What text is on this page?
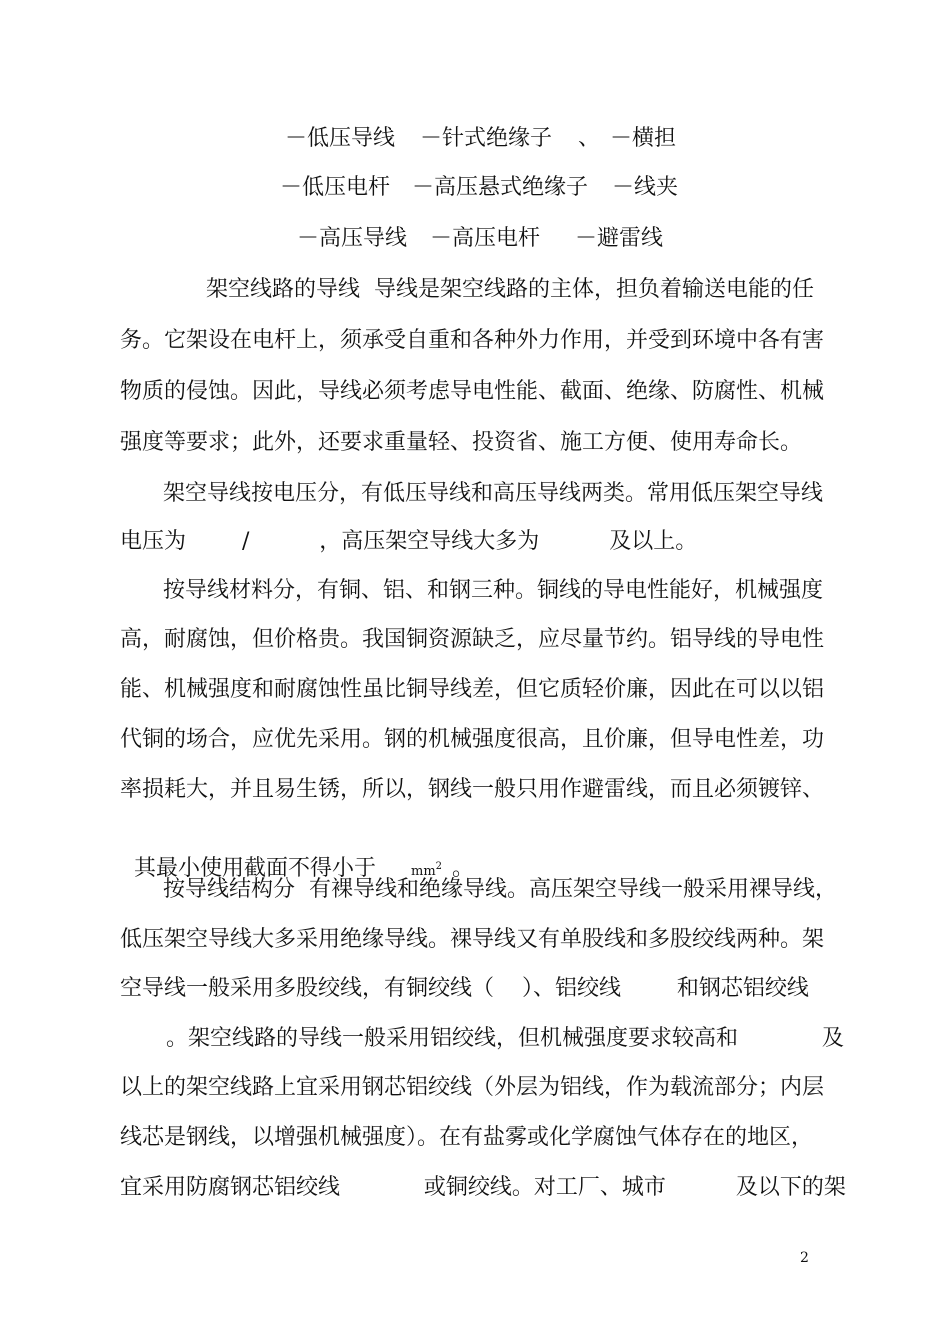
－低压导线 －针式绝缘子 、 －横担
－低压电杆 －高压悬式绝缘子 －线夹
－高压导线 －高压电杆 －避雷线
架空线路的导线  导线是架空线路的主体，担负着输送电能的任
务。它架设在电杆上，须承受自重和各种外力作用，并受到环境中各有害
物质的侵蚀。因此，导线必须考虑导电性能、截面、绝缘、防腐性、机械
强度等要求；此外，还要求重量轻、投资省、施工方便、使用寿命长。
架空导线按电压分，有低压导线和高压导线两类。常用低压架空导线
电压为        /          ，高压架空导线大多为          及以上。
按导线材料分，有铜、铝、和钢三种。铜线的导电性能好，机械强度
高，耐腐蚀，但价格贵。我国铜资源缺乏，应尽量节约。铝导线的导电性
能、机械强度和耐腐蚀性虽比铜导线差，但它质轻价廉，因此在可以以铝
代铜的场合，应优先采用。钢的机械强度很高，且价廉，但导电性差，功
率损耗大，并且易生锈，所以，钢线一般只用作避雷线，而且必须镀锌、

其最小使用截面不得小于	$mm^2$ 。

按导线结构分  有裸导线和绝缘导线。高压架空导线一般采用裸导线，
低压架空导线大多采用绝缘导线。裸导线又有单股线和多股绞线两种。架
空导线一般采用多股绞线，有铜绞线（    ）、铝绞线        和钢芯铝绞线
。架空线路的导线一般采用铝绞线，但机械强度要求较高和            及
以上的架空线路上宜采用钢芯铝绞线（外层为铝线，作为载流部分；内层
线芯是钢线，以增强机械强度）。在有盐雾或化学腐蚀气体存在的地区，
宜采用防腐钢芯铝绞线            或铜绞线。对工厂、城市          及以下的架
2
